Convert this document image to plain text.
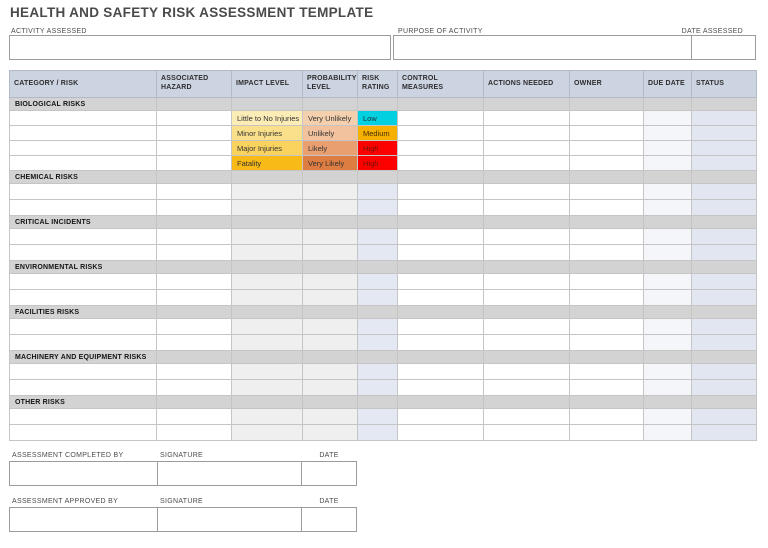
HEALTH AND SAFETY RISK ASSESSMENT TEMPLATE
ACTIVITY ASSESSED	PURPOSE OF ACTIVITY	DATE ASSESSED
CATEGORY / RISK	ASSOCIATED HAZARD	IMPACT LEVEL	PROBABILITY LEVEL	RISK RATING	CONTROL MEASURES	ACTIONS NEEDED	OWNER	DUE DATE	STATUS
BIOLOGICAL RISKS									
		Little to No Injuries	Very Unlikely	Low					
		Minor Injuries	Unlikely	Medium					
		Major Injuries	Likely	High					
		Fatality	Very Likely	High					
CHEMICAL RISKS									

CRITICAL INCIDENTS									

ENVIRONMENTAL RISKS									

FACILITIES RISKS									

MACHINERY AND EQUIPMENT RISKS									

OTHER RISKS									

ASSESSMENT COMPLETED BY	SIGNATURE	DATE
ASSESSMENT APPROVED BY	SIGNATURE	DATE
